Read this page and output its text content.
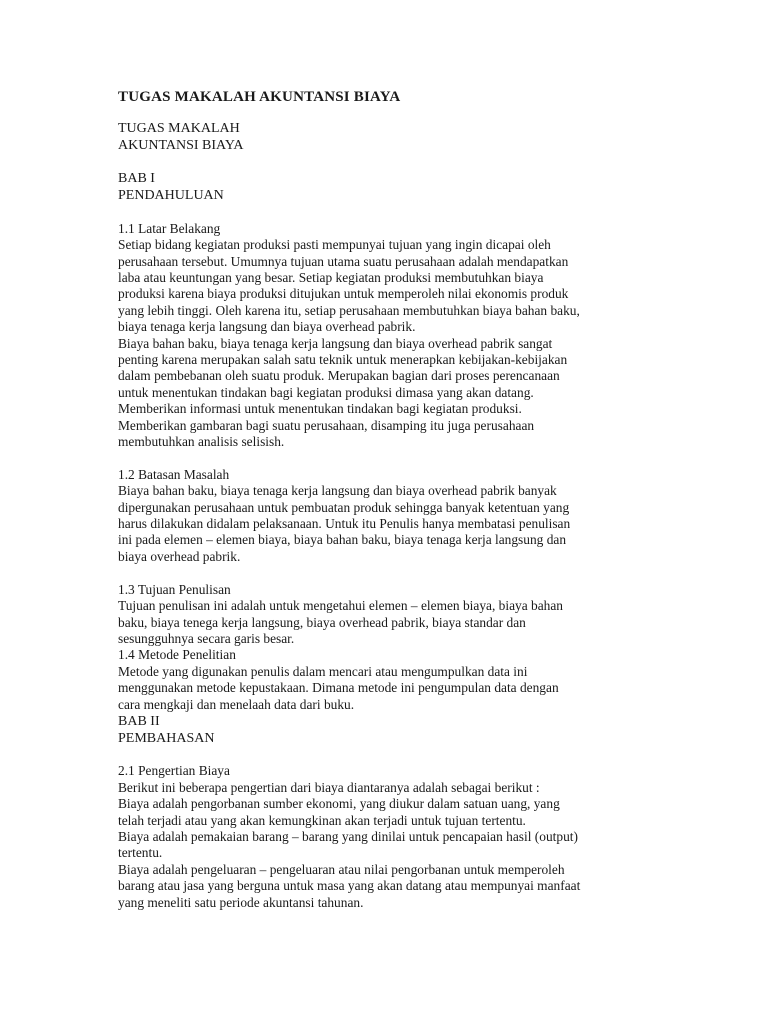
TUGAS MAKALAH AKUNTANSI BIAYA
TUGAS MAKALAH
AKUNTANSI BIAYA
BAB I
PENDAHULUAN
1.1 Latar Belakang
Setiap bidang kegiatan produksi pasti mempunyai tujuan yang ingin dicapai oleh
perusahaan tersebut. Umumnya tujuan utama suatu perusahaan adalah mendapatkan
laba atau keuntungan yang besar. Setiap kegiatan produksi membutuhkan biaya
produksi karena biaya produksi ditujukan untuk memperoleh nilai ekonomis produk
yang lebih tinggi. Oleh karena itu, setiap perusahaan membutuhkan biaya bahan baku,
biaya tenaga kerja langsung dan biaya overhead pabrik.
Biaya bahan baku, biaya tenaga kerja langsung dan biaya overhead pabrik sangat
penting karena merupakan salah satu teknik untuk menerapkan kebijakan-kebijakan
dalam pembebanan oleh suatu produk. Merupakan bagian dari proses perencanaan
untuk menentukan tindakan bagi kegiatan produksi dimasa yang akan datang.
Memberikan informasi untuk menentukan tindakan bagi kegiatan produksi.
Memberikan gambaran bagi suatu perusahaan, disamping itu juga perusahaan
membutuhkan analisis selisish.
1.2 Batasan Masalah
Biaya bahan baku, biaya tenaga kerja langsung dan biaya overhead pabrik banyak
dipergunakan perusahaan untuk pembuatan produk sehingga banyak ketentuan yang
harus dilakukan didalam pelaksanaan. Untuk itu Penulis hanya membatasi penulisan
ini pada elemen – elemen biaya, biaya bahan baku, biaya tenaga kerja langsung dan
biaya overhead pabrik.
1.3 Tujuan Penulisan
Tujuan penulisan ini adalah untuk mengetahui elemen – elemen biaya, biaya bahan
baku, biaya tenega kerja langsung, biaya overhead pabrik, biaya standar dan
sesungguhnya secara garis besar.
1.4 Metode Penelitian
Metode yang digunakan penulis dalam mencari atau mengumpulkan data ini
menggunakan metode kepustakaan. Dimana metode ini pengumpulan data dengan
cara mengkaji dan menelaah data dari buku.
BAB II
PEMBAHASAN
2.1 Pengertian Biaya
Berikut ini beberapa pengertian dari biaya diantaranya adalah sebagai berikut :
Biaya adalah pengorbanan sumber ekonomi, yang diukur dalam satuan uang, yang
telah terjadi atau yang akan kemungkinan akan terjadi untuk tujuan tertentu.
Biaya adalah pemakaian barang – barang yang dinilai untuk pencapaian hasil (output)
tertentu.
Biaya adalah pengeluaran – pengeluaran atau nilai pengorbanan untuk memperoleh
barang atau jasa yang berguna untuk masa yang akan datang atau mempunyai manfaat
yang meneliti satu periode akuntansi tahunan.
